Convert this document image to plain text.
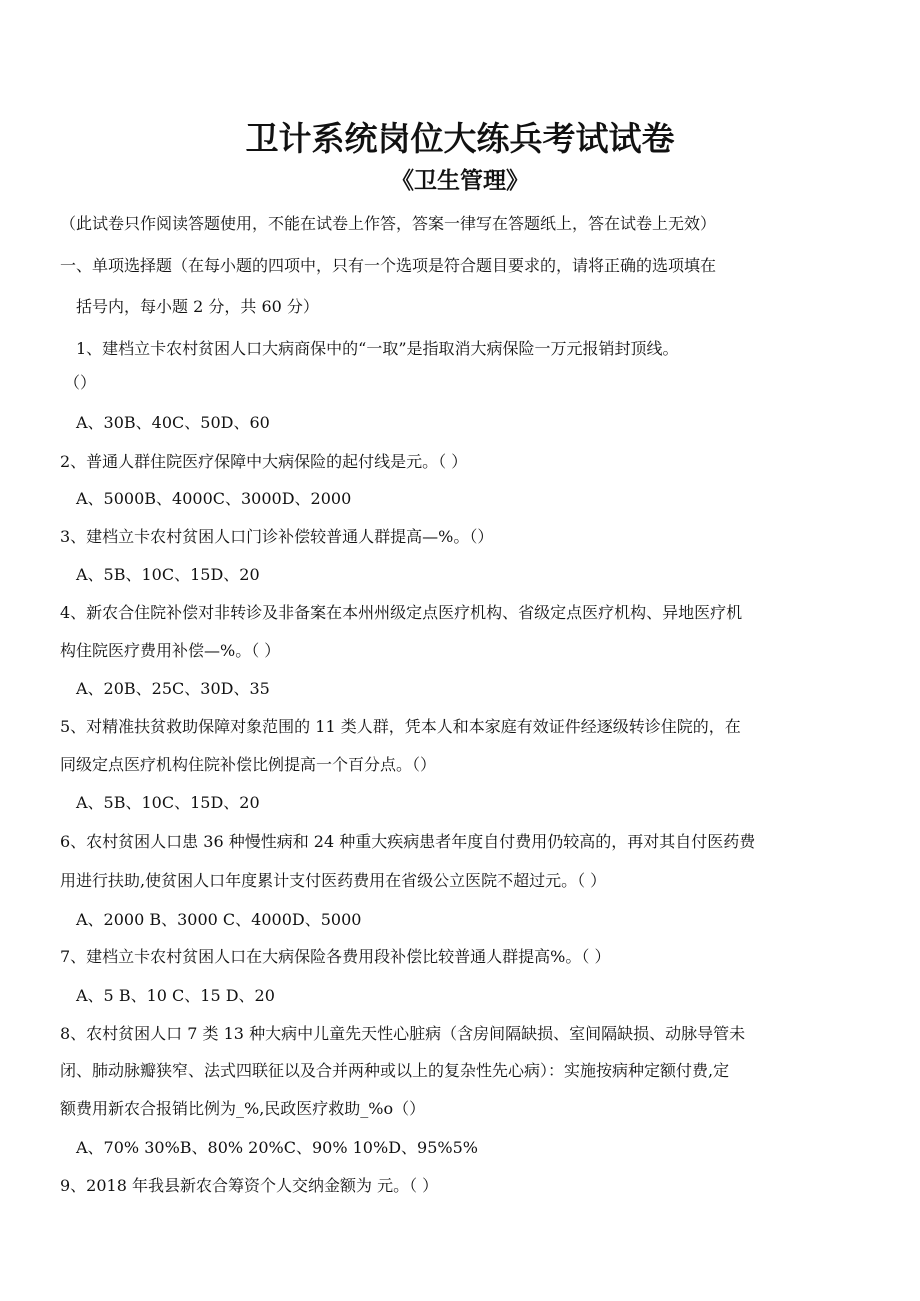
卫计系统岗位大练兵考试试卷
《卫生管理》
（此试卷只作阅读答题使用，不能在试卷上作答，答案一律写在答题纸上，答在试卷上无效）
一、单项选择题（在每小题的四项中，只有一个选项是符合题目要求的，请将正确的选项填在
括号内，每小题 2 分，共 60 分）
1、建档立卡农村贫困人口大病商保中的“一取”是指取消大病保险一万元报销封顶线。
（）
A、30B、40C、50D、60
2、普通人群住院医疗保障中大病保险的起付线是元。（ ）
A、5000B、4000C、3000D、2000
3、建档立卡农村贫困人口门诊补偿较普通人群提高—%。（）
A、5B、10C、15D、20
4、新农合住院补偿对非转诊及非备案在本州州级定点医疗机构、省级定点医疗机构、异地医疗机
构住院医疗费用补偿—%。（ ）
A、20B、25C、30D、35
5、对精准扶贫救助保障对象范围的 11 类人群，凭本人和本家庭有效证件经逐级转诊住院的，在
同级定点医疗机构住院补偿比例提高一个百分点。（）
A、5B、10C、15D、20
6、农村贫困人口患 36 种慢性病和 24 种重大疾病患者年度自付费用仍较高的，再对其自付医药费
用进行扶助,使贫困人口年度累计支付医药费用在省级公立医院不超过元。（ ）
A、2000 B、3000 C、4000D、5000
7、建档立卡农村贫困人口在大病保险各费用段补偿比较普通人群提高%。（ ）
A、5 B、10 C、15 D、20
8、农村贫困人口 7 类 13 种大病中儿童先天性心脏病（含房间隔缺损、室间隔缺损、动脉导管未
闭、肺动脉瓣狭窄、法式四联征以及合并两种或以上的复杂性先心病）：实施按病种定额付费,定
额费用新农合报销比例为_%,民政医疗救助_%o（）
A、70% 30%B、80% 20%C、90% 10%D、95%5%
9、2018 年我县新农合筹资个人交纳金额为 元。（ ）
